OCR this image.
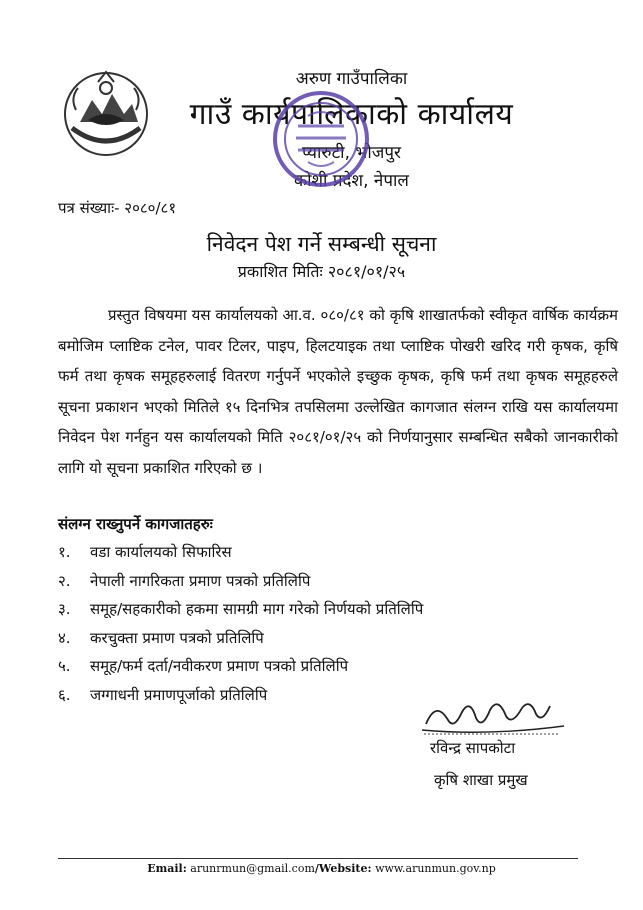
अरुण गाउँपालिका
गाउँ कार्यपालिकाको कार्यालय
प्यारुटी, भोजपुर
कोशी प्रदेश, नेपाल
पत्र संख्याः- २०८०/८१
निवेदन पेश गर्ने सम्बन्धी सूचना
प्रकाशित मितिः २०८१/०१/२५
प्रस्तुत विषयमा यस कार्यालयको आ.व. ०८०/८१ को कृषि शाखातर्फको स्वीकृत वार्षिक कार्यक्रम बमोजिम प्लाष्टिक टनेल, पावर टिलर, पाइप, हिलटयाइक तथा प्लाष्टिक पोखरी खरिद गरी कृषक, कृषि फर्म तथा कृषक समूहहरुलाई वितरण गर्नुपर्ने भएकोले इच्छुक कृषक, कृषि फर्म तथा कृषक समूहहरुले सूचना प्रकाशन भएको मितिले १५ दिनभित्र तपसिलमा उल्लेखित कागजात संलग्न राखि यस कार्यालयमा निवेदन पेश गर्नहुन यस कार्यालयको मिति २०८१/०१/२५ को निर्णयानुसार सम्बन्धित सबैको जानकारीको लागि यो सूचना प्रकाशित गरिएको छ ।
संलग्न राख्नुपर्ने कागजातहरुः
१.	वडा कार्यालयको सिफारिस
२.	नेपाली नागरिकता प्रमाण पत्रको प्रतिलिपि
३.	समूह/सहकारीको हकमा सामग्री माग गरेको निर्णयको प्रतिलिपि
४.	करचुक्ता प्रमाण पत्रको प्रतिलिपि
५.	समूह/फर्म दर्ता/नवीकरण प्रमाण पत्रको प्रतिलिपि
६.	जग्गाधनी प्रमाणपूर्जाको प्रतिलिपि
रविन्द्र सापकोटा
कृषि शाखा प्रमुख
Email: arunrmun@gmail.com/Website: www.arunmun.gov.np
